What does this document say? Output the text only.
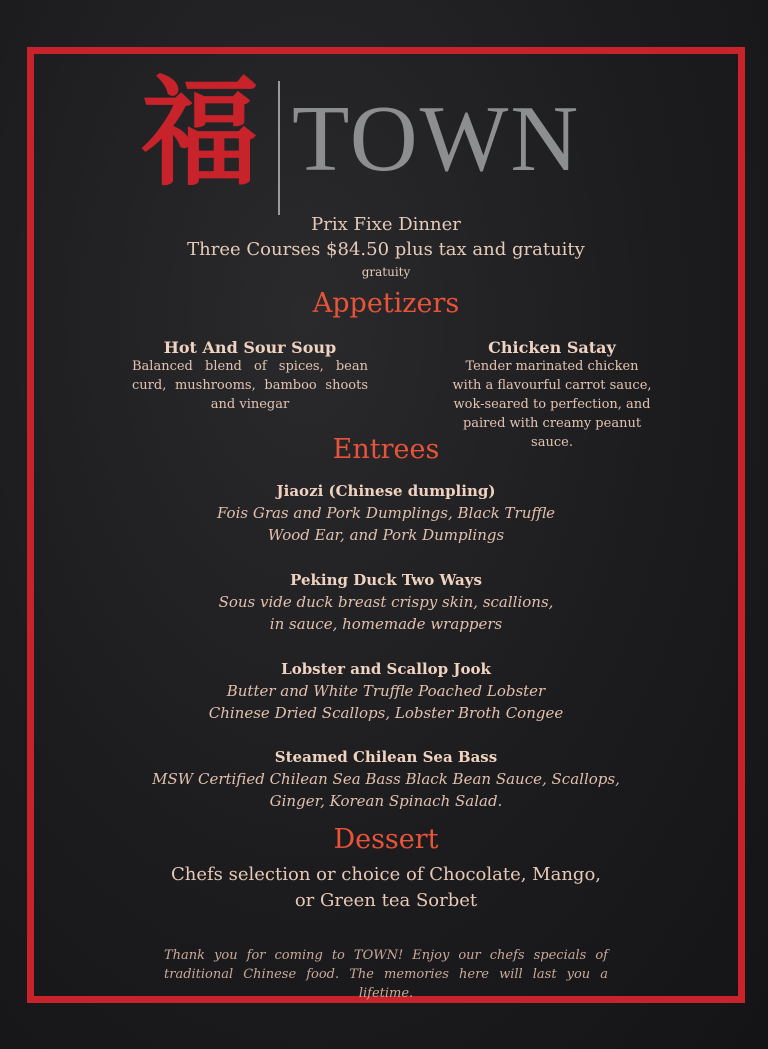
福 TOWN
Prix Fixe Dinner
Three Courses $84.50 plus tax and gratuity
gratuity
Appetizers
Hot And Sour Soup
Balanced blend of spices, bean curd, mushrooms, bamboo shoots and vinegar
Chicken Satay
Tender marinated chicken with a flavourful carrot sauce, wok-seared to perfection, and paired with creamy peanut sauce.
Entrees
Jiaozi (Chinese dumpling)
Fois Gras and Pork Dumplings, Black Truffle
Wood Ear, and Pork Dumplings
Peking Duck Two Ways
Sous vide duck breast crispy skin, scallions,
in sauce, homemade wrappers
Lobster and Scallop Jook
Butter and White Truffle Poached Lobster
Chinese Dried Scallops, Lobster Broth Congee
Steamed Chilean Sea Bass
MSW Certified Chilean Sea Bass Black Bean Sauce, Scallops,
Ginger, Korean Spinach Salad.
Dessert
Chefs selection or choice of Chocolate, Mango,
or Green tea Sorbet
Thank you for coming to TOWN! Enjoy our chefs specials of traditional Chinese food. The memories here will last you a lifetime.
